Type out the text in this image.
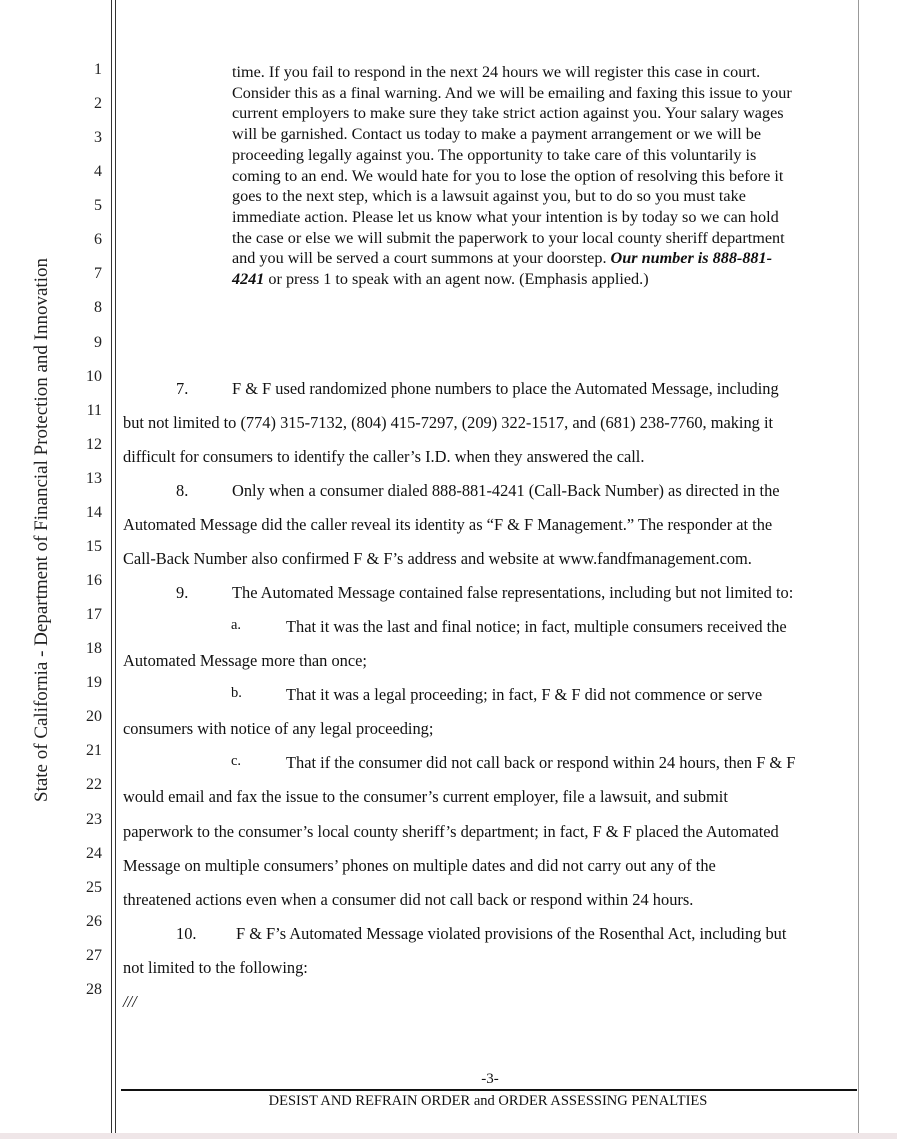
State of California - Department of Financial Protection and Innovation
1
2
3
4
5
6
7
8
9
10
11
12
13
14
15
16
17
18
19
20
21
22
23
24
25
26
27
28
time. If you fail to respond in the next 24 hours we will register this case in court. Consider this as a final warning. And we will be emailing and faxing this issue to your current employers to make sure they take strict action against you. Your salary wages will be garnished. Contact us today to make a payment arrangement or we will be proceeding legally against you. The opportunity to take care of this voluntarily is coming to an end. We would hate for you to lose the option of resolving this before it goes to the next step, which is a lawsuit against you, but to do so you must take immediate action. Please let us know what your intention is by today so we can hold the case or else we will submit the paperwork to your local county sheriff department and you will be served a court summons at your doorstep. Our number is 888-881-4241 or press 1 to speak with an agent now. (Emphasis applied.)
7.	F & F used randomized phone numbers to place the Automated Message, including
but not limited to (774) 315-7132, (804) 415-7297, (209) 322-1517, and (681) 238-7760, making it
difficult for consumers to identify the caller’s I.D. when they answered the call.
8.	Only when a consumer dialed 888-881-4241 (Call-Back Number) as directed in the
Automated Message did the caller reveal its identity as “F & F Management.” The responder at the
Call-Back Number also confirmed F & F’s address and website at www.fandfmanagement.com.
9.	The Automated Message contained false representations, including but not limited to:
a.	That it was the last and final notice; in fact, multiple consumers received the
Automated Message more than once;
b.	That it was a legal proceeding; in fact, F & F did not commence or serve
consumers with notice of any legal proceeding;
c.	That if the consumer did not call back or respond within 24 hours, then F & F
would email and fax the issue to the consumer’s current employer, file a lawsuit, and submit
paperwork to the consumer’s local county sheriff’s department; in fact, F & F placed the Automated
Message on multiple consumers’ phones on multiple dates and did not carry out any of the
threatened actions even when a consumer did not call back or respond within 24 hours.
10. F & F’s Automated Message violated provisions of the Rosenthal Act, including but
not limited to the following:
///
-3-
DESIST AND REFRAIN ORDER and ORDER ASSESSING PENALTIES
